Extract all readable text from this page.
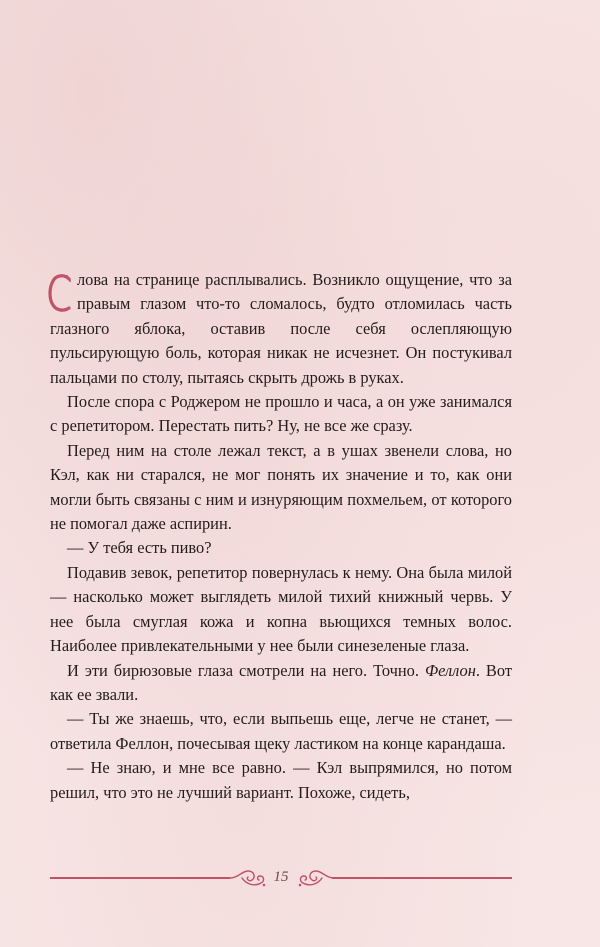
лова на странице расплывались. Возникло ощущение, что за правым глазом что-то сломалось, будто отломилась часть глазного яблока, оставив после себя ослепляющую пульсирующую боль, которая никак не исчезнет. Он постукивал пальцами по столу, пытаясь скрыть дрожь в руках.

После спора с Роджером не прошло и часа, а он уже занимался с репетитором. Перестать пить? Ну, не все же сразу.

Перед ним на столе лежал текст, а в ушах звенели слова, но Кэл, как ни старался, не мог понять их значение и то, как они могли быть связаны с ним и изнуряющим похмельем, от которого не помогал даже аспирин.

— У тебя есть пиво?

Подавив зевок, репетитор повернулась к нему. Она была милой — насколько может выглядеть милой тихий книжный червь. У нее была смуглая кожа и копна вьющихся темных волос. Наиболее привлекательными у нее были синезеленые глаза.

И эти бирюзовые глаза смотрели на него. Точно. Феллон. Вот как ее звали.

— Ты же знаешь, что, если выпьешь еще, легче не станет, — ответила Феллон, почесывая щеку ластиком на конце карандаша.

— Не знаю, и мне все равно. — Кэл выпрямился, но потом решил, что это не лучший вариант. Похоже, сидеть,

15
